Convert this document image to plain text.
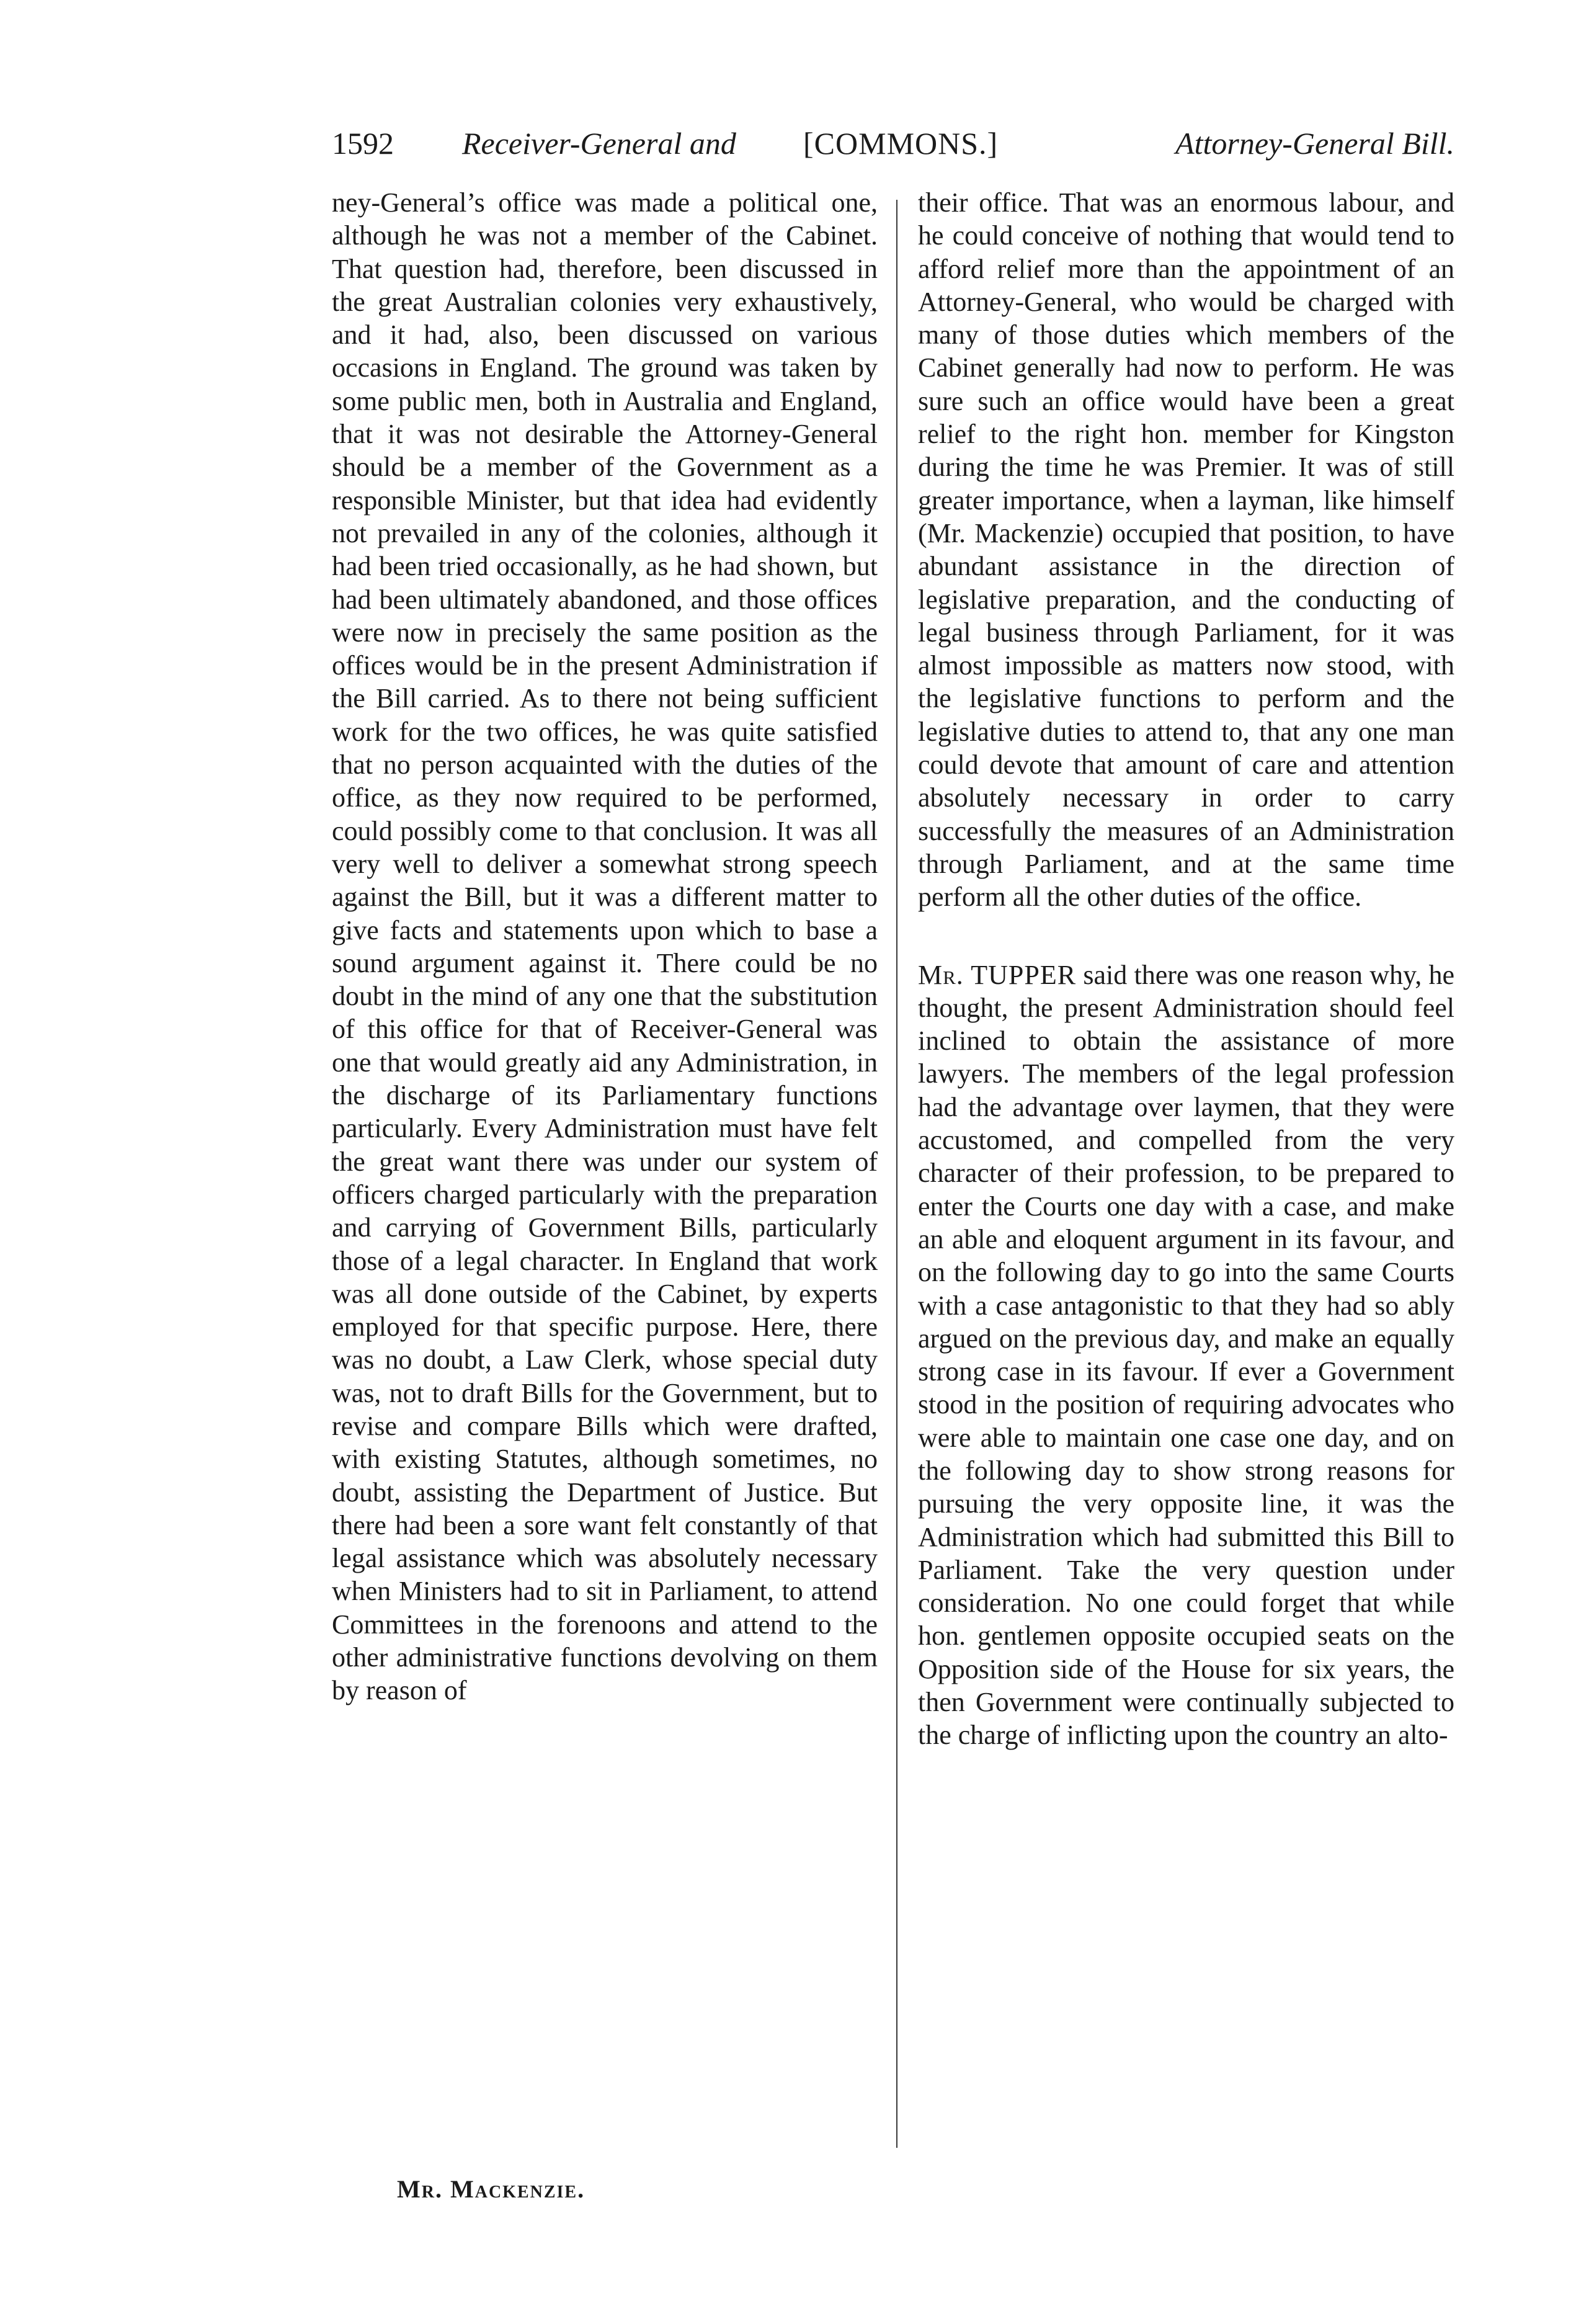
1592 Receiver-General and [COMMONS.]	Attorney-General Bill.

ney-General’s office was made a political one, although he was not a member of the Cabinet. That question had, therefore, been discussed in the great Australian colonies very exhaustively, and it had, also, been discussed on various occasions in England. The ground was taken by some public men, both in Australia and England, that it was not desirable the Attorney-General should be a member of the Government as a responsible Minister, but that idea had evidently not prevailed in any of the colonies, although it had been tried occasionally, as he had shown, but had been ultimately abandoned, and those offices were now in precisely the same position as the offices would be in the present Administration if the Bill carried. As to there not being sufficient work for the two offices, he was quite satisfied that no person acquainted with the duties of the office, as they now required to be performed, could possibly come to that conclusion. It was all very well to deliver a somewhat strong speech against the Bill, but it was a different matter to give facts and statements upon which to base a sound argument against it. There could be no doubt in the mind of any one that the substitution of this office for that of Receiver-General was one that would greatly aid any Administration, in the discharge of its Parliamentary functions particularly. Every Administration must have felt the great want there was under our system of officers charged particularly with the preparation and carrying of Government Bills, particularly those of a legal character. In England that work was all done outside of the Cabinet, by experts employed for that specific purpose. Here, there was no doubt, a Law Clerk, whose special duty was, not to draft Bills for the Government, but to revise and compare Bills which were drafted, with existing Statutes, although sometimes, no doubt, assisting the Department of Justice. But there had been a sore want felt constantly of that legal assistance which was absolutely necessary when Ministers had to sit in Parliament, to attend Committees in the forenoons and attend to the other administrative functions devolving on them by reason of

their office. That was an enormous labour, and he could conceive of nothing that would tend to afford relief more than the appointment of an Attorney-General, who would be charged with many of those duties which members of the Cabinet generally had now to perform. He was sure such an office would have been a great relief to the right hon. member for Kingston during the time he was Premier. It was of still greater importance, when a layman, like himself (Mr. Mackenzie) occupied that position, to have abundant assistance in the direction of legislative preparation, and the conducting of legal business through Parliament, for it was almost impossible as matters now stood, with the legislative functions to perform and the legislative duties to attend to, that any one man could devote that amount of care and attention absolutely necessary in order to carry successfully the measures of an Administration through Parliament, and at the same time perform all the other duties of the office.

Mr. TUPPER said there was one reason why, he thought, the present Administration should feel inclined to obtain the assistance of more lawyers. The members of the legal profession had the advantage over laymen, that they were accustomed, and compelled from the very character of their profession, to be prepared to enter the Courts one day with a case, and make an able and eloquent argument in its favour, and on the following day to go into the same Courts with a case antagonistic to that they had so ably argued on the previous day, and make an equally strong case in its favour. If ever a Government stood in the position of requiring advocates who were able to maintain one case one day, and on the following day to show strong reasons for pursuing the very opposite line, it was the Administration which had submitted this Bill to Parliament. Take the very question under consideration. No one could forget that while hon. gentlemen opposite occupied seats on the Opposition side of the House for six years, the then Government were continually subjected to the charge of inflicting upon the country an alto-

Mr. Mackenzie.
